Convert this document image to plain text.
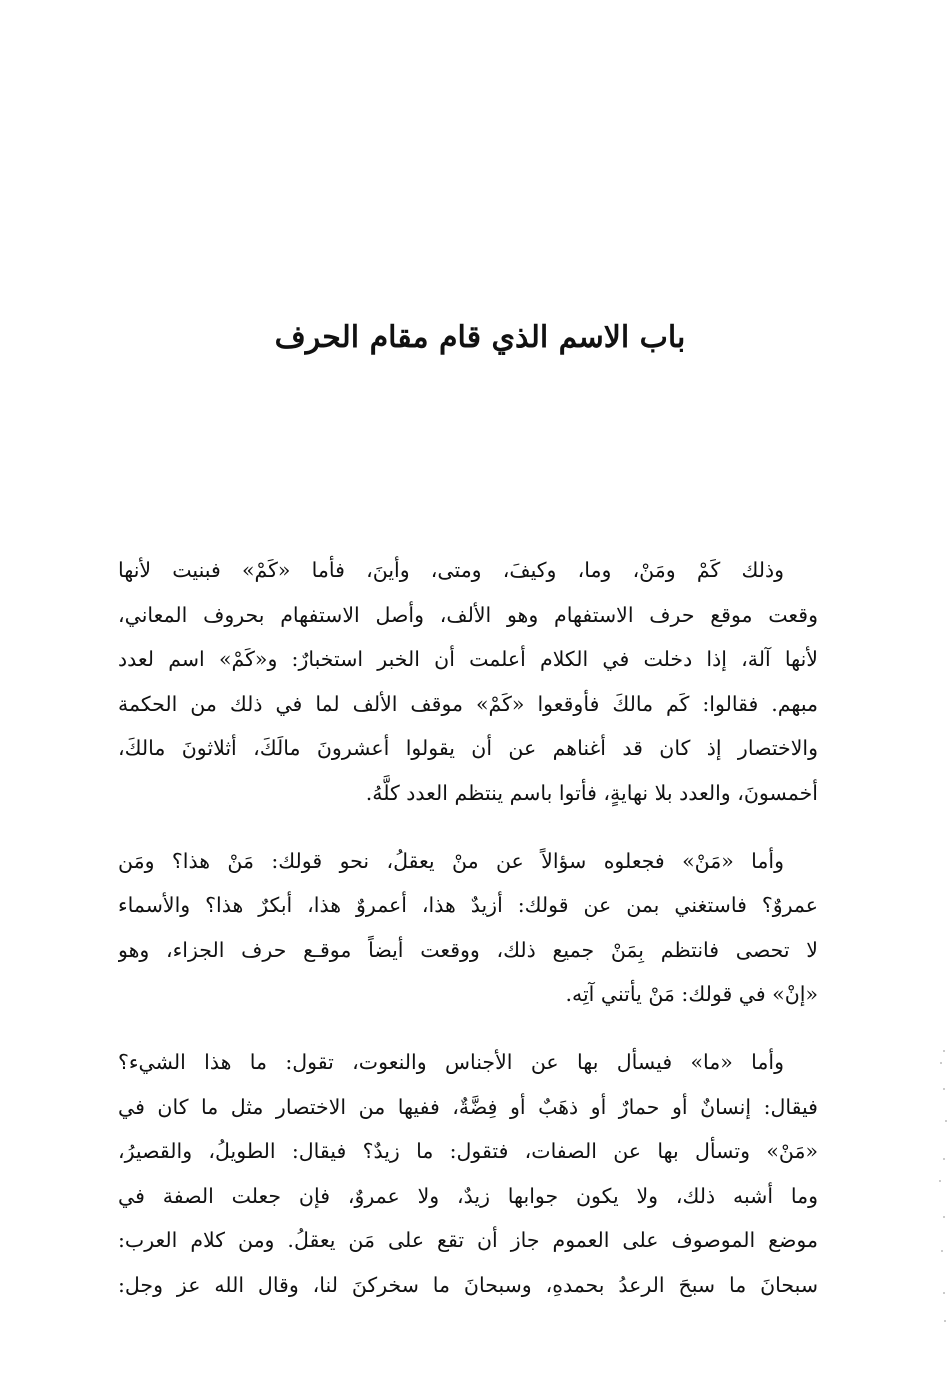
باب الاسم الذي قام مقام الحرف

وذلك كَمْ ومَنْ، وما، وكيفَ، ومتى، وأينَ، فأما «كَمْ» فبنيت لأنها
وقعت موقع حرف الاستفهام وهو الألف، وأصل الاستفهام بحروف المعاني،
لأنها آلة، إذا دخلت في الكلام أعلمت أن الخبر استخبارٌ: و«كَمْ» اسم لعدد
مبهم. فقالوا: كَم مالكَ فأوقعوا «كَمْ» موقف الألف لما في ذلك من الحكمة
والاختصار إذ كان قد أغناهم عن أن يقولوا أعشرونَ مالَكَ، أثلاثونَ مالكَ،
أخمسونَ، والعدد بلا نهايةٍ، فأتوا باسم ينتظم العدد كلَّهُ.

وأما «مَنْ» فجعلوه سؤالاً عن منْ يعقلُ، نحو قولك: مَنْ هذا؟ ومَن
عمروٌ؟ فاستغني بمن عن قولك: أزيدٌ هذا، أعمروٌ هذا، أبكرٌ هذا؟ والأسماء
لا تحصى فانتظم بِمَنْ جميع ذلك، ووقعت أيضاً موقـع حرف الجزاء، وهو
«إنْ» في قولك: مَنْ يأتني آتِه.

وأما «ما» فيسأل بها عن الأجناس والنعوت، تقول: ما هذا الشيء؟
فيقال: إنسانٌ أو حمارٌ أو ذهَبٌ أو فِضَّةٌ، ففيها من الاختصار مثل ما كان في
«مَنْ» وتسأل بها عن الصفات، فتقول: ما زيدٌ؟ فيقال: الطويلُ، والقصيرُ،
وما أشبه ذلك، ولا يكون جوابها زيدٌ، ولا عمروٌ، فإن جعلت الصفة في
موضع الموصوف على العموم جاز أن تقع على مَن يعقلُ. ومن كلام العرب:
سبحانَ ما سبحَ الرعدُ بحمدهِ، وسبحانَ ما سخركنَ لنا، وقال الله عز وجل:
